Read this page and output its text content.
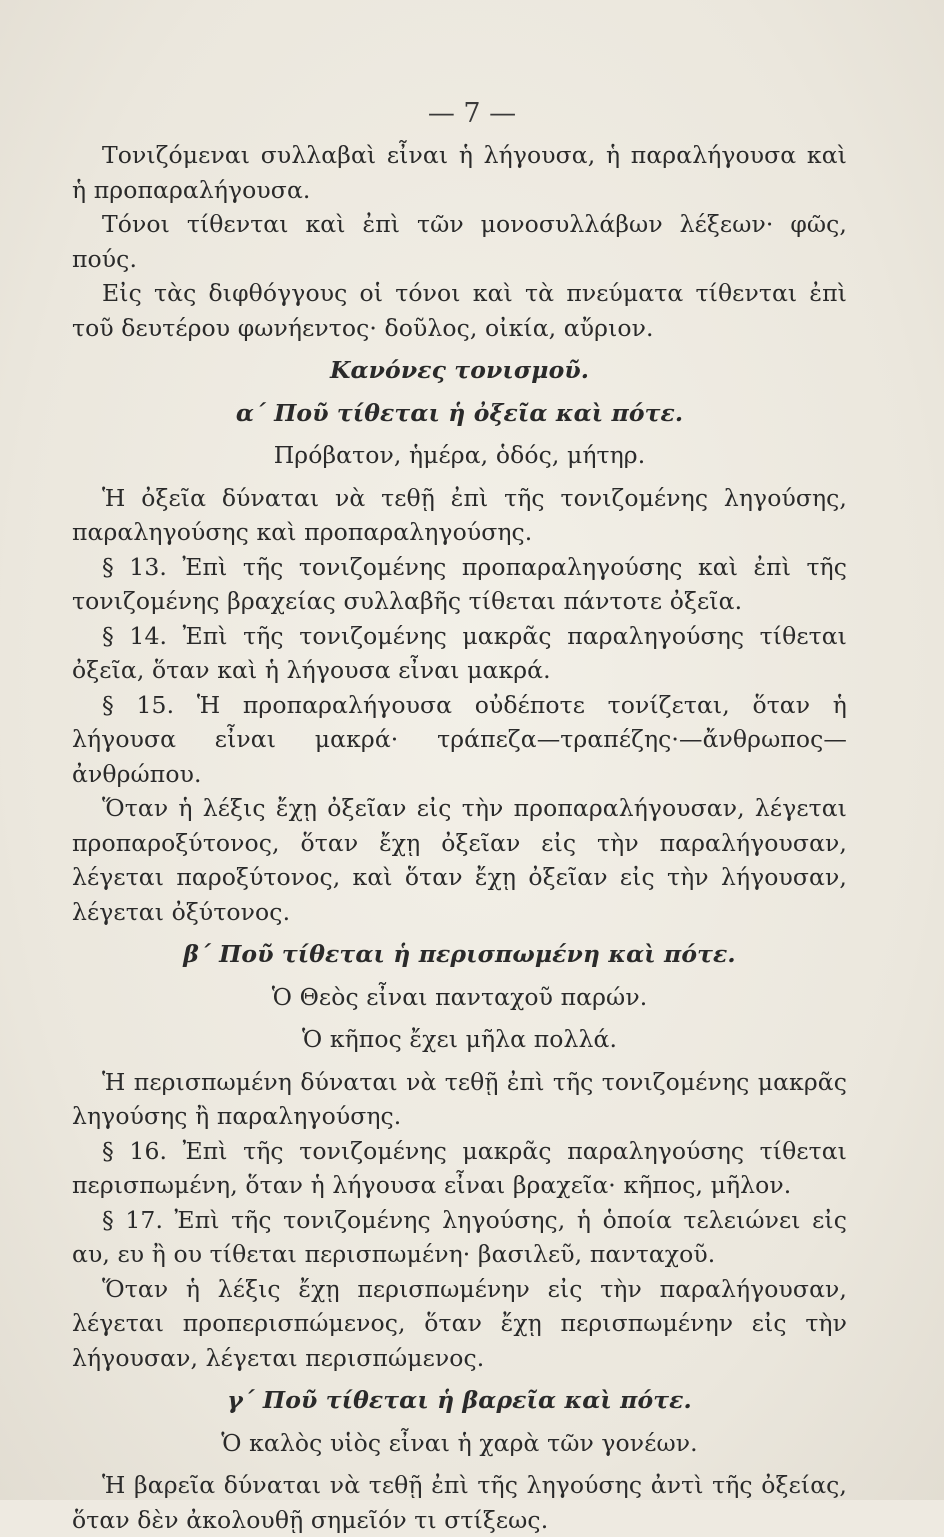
— 7 —

Τονιζόμεναι συλλαβαὶ εἶναι ἡ λήγουσα, ἡ παραλήγουσα καὶ ἡ προπαραλήγουσα.

Τόνοι τίθενται καὶ ἐπὶ τῶν μονοσυλλάβων λέξεων· φῶς, πούς.

Εἰς τὰς διφθόγγους οἱ τόνοι καὶ τὰ πνεύματα τίθενται ἐπὶ τοῦ δευτέρου φωνήεντος· δοῦλος, οἰκία, αὔριον.

Κανόνες τονισμοῦ.

α΄ Ποῦ τίθεται ἡ ὀξεῖα καὶ πότε.

Πρόβατον, ἡμέρα, ὁδός, μήτηρ.

Ἡ ὀξεῖα δύναται νὰ τεθῇ ἐπὶ τῆς τονιζομένης ληγούσης, παραληγούσης καὶ προπαραληγούσης.

§ 13. Ἐπὶ τῆς τονιζομένης προπαραληγούσης καὶ ἐπὶ τῆς τονιζομένης βραχείας συλλαβῆς τίθεται πάντοτε ὀξεῖα.

§ 14. Ἐπὶ τῆς τονιζομένης μακρᾶς παραληγούσης τίθεται ὀξεῖα, ὅταν καὶ ἡ λήγουσα εἶναι μακρά.

§ 15. Ἡ προπαραλήγουσα οὐδέποτε τονίζεται, ὅταν ἡ λήγουσα εἶναι μακρά· τράπεζα—τραπέζης·—ἄνθρωπος—ἀνθρώπου.

Ὅταν ἡ λέξις ἔχῃ ὀξεῖαν εἰς τὴν προπαραλήγουσαν, λέγεται προπαροξύτονος, ὅταν ἔχῃ ὀξεῖαν εἰς τὴν παραλήγουσαν, λέγεται παροξύτονος, καὶ ὅταν ἔχῃ ὀξεῖαν εἰς τὴν λήγουσαν, λέγεται ὀξύτονος.

β΄ Ποῦ τίθεται ἡ περισπωμένη καὶ πότε.

Ὁ Θεὸς εἶναι πανταχοῦ παρών.

Ὁ κῆπος ἔχει μῆλα πολλά.

Ἡ περισπωμένη δύναται νὰ τεθῇ ἐπὶ τῆς τονιζομένης μακρᾶς ληγούσης ἢ παραληγούσης.

§ 16. Ἐπὶ τῆς τονιζομένης μακρᾶς παραληγούσης τίθεται περισπωμένη, ὅταν ἡ λήγουσα εἶναι βραχεῖα· κῆπος, μῆλον.

§ 17. Ἐπὶ τῆς τονιζομένης ληγούσης, ἡ ὁποία τελειώνει εἰς αυ, ευ ἢ ου τίθεται περισπωμένη· βασιλεῦ, πανταχοῦ.

Ὅταν ἡ λέξις ἔχῃ περισπωμένην εἰς τὴν παραλήγουσαν, λέγεται προπερισπώμενος, ὅταν ἔχῃ περισπωμένην εἰς τὴν λήγουσαν, λέγεται περισπώμενος.

γ΄ Ποῦ τίθεται ἡ βαρεῖα καὶ πότε.

Ὁ καλὸς υἱὸς εἶναι ἡ χαρὰ τῶν γονέων.

Ἡ βαρεῖα δύναται νὰ τεθῇ ἐπὶ τῆς ληγούσης ἀντὶ τῆς ὀξείας, ὅταν δὲν ἀκολουθῇ σημεῖόν τι στίξεως.
